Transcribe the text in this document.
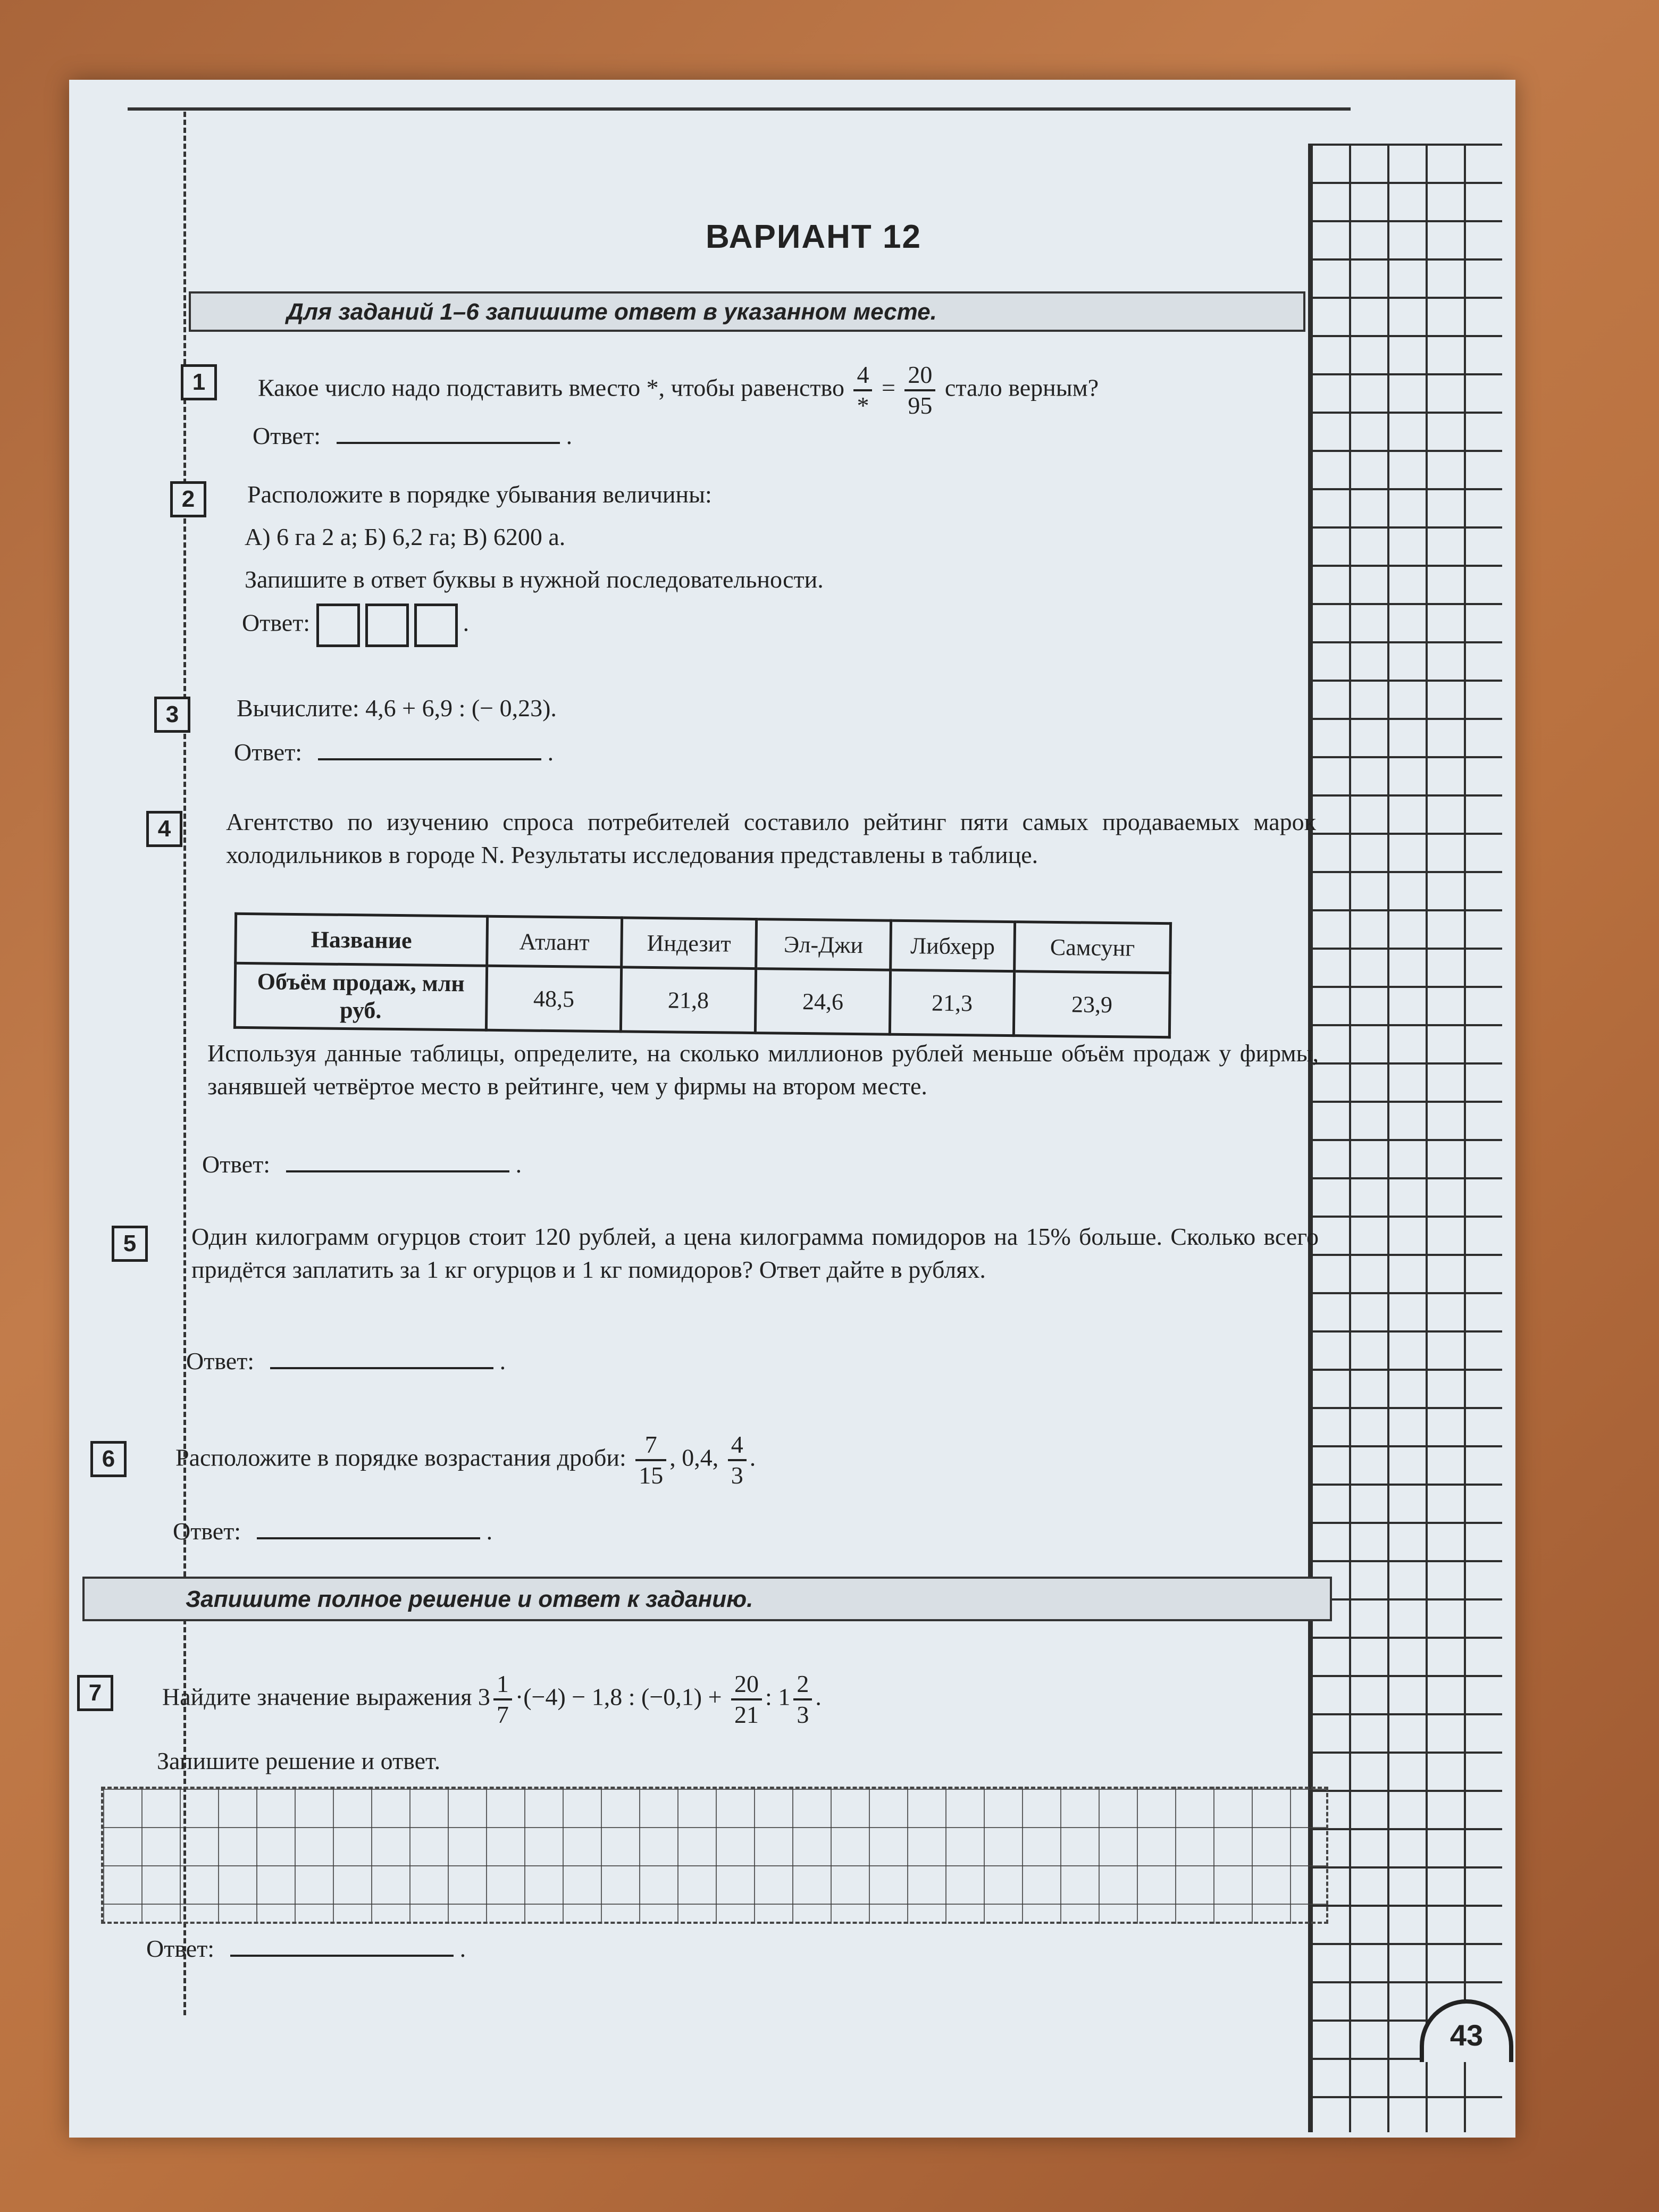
43
ВАРИАНТ 12
Для заданий 1–6 запишите ответ в указанном месте.
1	Какое число надо подставить вместо *, чтобы равенство $\frac{4}{*} = \frac{20}{95}$ стало верным?
Ответ:	.
2	Расположите в порядке убывания величины:
А) 6 га 2 а; Б) 6,2 га; В) 6200 а.
Запишите в ответ буквы в нужной последовательности.
Ответ:	.
3	Вычислите: 4,6 + 6,9 : (− 0,23).
Ответ:	.
4	Агентство по изучению спроса потребителей составило рейтинг пяти самых продаваемых марок холодильников в городе N. Результаты исследования представлены в таблице.
Название	Атлант	Индезит	Эл-Джи	Либхерр	Самсунг
Объём продаж, млн руб.	48,5	21,8	24,6	21,3	23,9
Используя данные таблицы, определите, на сколько миллионов рублей меньше объём продаж у фирмы, занявшей четвёртое место в рейтинге, чем у фирмы на втором месте.
Ответ:	.
5	Один килограмм огурцов стоит 120 рублей, а цена килограмма помидоров на 15% больше. Сколько всего придётся заплатить за 1 кг огурцов и 1 кг помидоров? Ответ дайте в рублях.
Ответ:	.
6	Расположите в порядке возрастания дроби: $\frac{7}{15}$ , 0,4, $\frac{4}{3}$ .
Ответ:	.
Запишите полное решение и ответ к заданию.
7	Найдите значение выражения $3 \frac{1}{7} \cdot(-4) - 1,8$ : $(-0,1) + \frac{20}{21}$ : $1 \frac{2}{3}$ .
Запишите решение и ответ.
Ответ:	.
